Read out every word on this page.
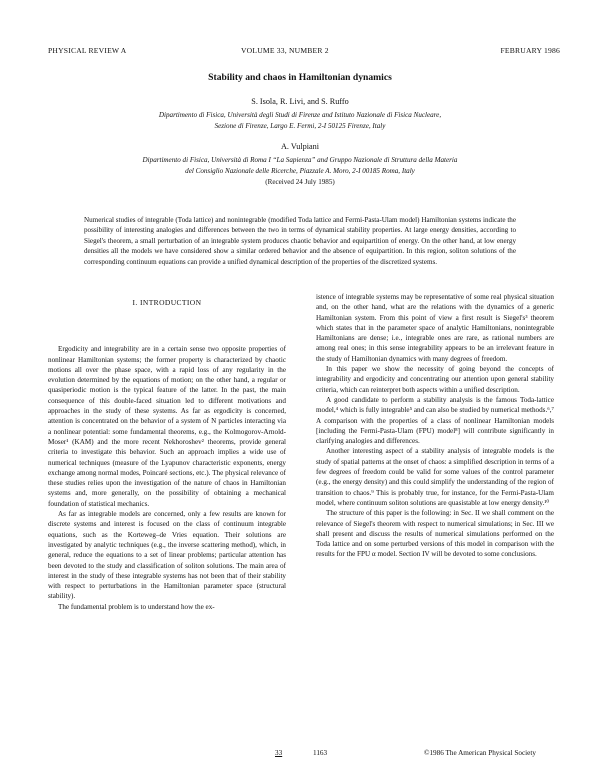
PHYSICAL REVIEW A	VOLUME 33, NUMBER 2	FEBRUARY 1986
Stability and chaos in Hamiltonian dynamics
S. Isola, R. Livi, and S. Ruffo
Dipartimento di Fisica, Università degli Studi di Firenze and Istituto Nazionale di Fisica Nucleare,
Sezione di Firenze, Largo E. Fermi, 2-I 50125 Firenze, Italy
A. Vulpiani
Dipartimento di Fisica, Università di Roma I “La Sapienza” and Gruppo Nazionale di Struttura della Materia
del Consiglio Nazionale delle Ricerche, Piazzale A. Moro, 2-I 00185 Roma, Italy
(Received 24 July 1985)
Numerical studies of integrable (Toda lattice) and nonintegrable (modified Toda lattice and Fermi-Pasta-Ulam model) Hamiltonian systems indicate the possibility of interesting analogies and differences between the two in terms of dynamical stability properties. At large energy densities, according to Siegel's theorem, a small perturbation of an integrable system produces chaotic behavior and equipartition of energy. On the other hand, at low energy densities all the models we have considered show a similar ordered behavior and the absence of equipartition. In this region, soliton solutions of the corresponding continuum equations can provide a unified dynamical description of the properties of the discretized systems.
I. INTRODUCTION

Ergodicity and integrability are in a certain sense two opposite properties of nonlinear Hamiltonian systems; the former property is characterized by chaotic motions all over the phase space, with a rapid loss of any regularity in the evolution determined by the equations of motion; on the other hand, a regular or quasiperiodic motion is the typical feature of the latter. In the past, the main consequence of this double-faced situation led to different motivations and approaches in the study of these systems. As far as ergodicity is concerned, attention is concentrated on the behavior of a system of N particles interacting via a nonlinear potential: some fundamental theorems, e.g., the Kolmogorov-Arnold-Moser¹ (KAM) and the more recent Nekhoroshev² theorems, provide general criteria to investigate this behavior. Such an approach implies a wide use of numerical techniques (measure of the Lyapunov characteristic exponents, energy exchange among normal modes, Poincaré sections, etc.). The physical relevance of these studies relies upon the investigation of the nature of chaos in Hamiltonian systems and, more generally, on the possibility of obtaining a mechanical foundation of statistical mechanics.

As far as integrable models are concerned, only a few results are known for discrete systems and interest is focused on the class of continuum integrable equations, such as the Korteweg–de Vries equation. Their solutions are investigated by analytic techniques (e.g., the inverse scattering method), which, in general, reduce the equations to a set of linear problems; particular attention has been devoted to the study and classification of soliton solutions. The main area of interest in the study of these integrable systems has not been that of their stability with respect to perturbations in the Hamiltonian parameter space (structural stability).

The fundamental problem is to understand how the ex-

istence of integrable systems may be representative of some real physical situation and, on the other hand, what are the relations with the dynamics of a generic Hamiltonian system. From this point of view a first result is Siegel's³ theorem which states that in the parameter space of analytic Hamiltonians, nonintegrable Hamiltonians are dense; i.e., integrable ones are rare, as rational numbers are among real ones; in this sense integrability appears to be an irrelevant feature in the study of Hamiltonian dynamics with many degrees of freedom.

In this paper we show the necessity of going beyond the concepts of integrability and ergodicity and concentrating our attention upon general stability criteria, which can reinterpret both aspects within a unified description.

A good candidate to perform a stability analysis is the famous Toda-lattice model,⁴ which is fully integrable⁵ and can also be studied by numerical methods.⁶,⁷ A comparison with the properties of a class of nonlinear Hamiltonian models [including the Fermi-Pasta-Ulam (FPU) model⁸] will contribute significantly in clarifying analogies and differences.

Another interesting aspect of a stability analysis of integrable models is the study of spatial patterns at the onset of chaos: a simplified description in terms of a few degrees of freedom could be valid for some values of the control parameter (e.g., the energy density) and this could simplify the understanding of the region of transition to chaos.⁹ This is probably true, for instance, for the Fermi-Pasta-Ulam model, where continuum soliton solutions are quasistable at low energy density.¹⁰

The structure of this paper is the following: in Sec. II we shall comment on the relevance of Siegel's theorem with respect to numerical simulations; in Sec. III we shall present and discuss the results of numerical simulations performed on the Toda lattice and on some perturbed versions of this model in comparison with the results for the FPU α model. Section IV will be devoted to some conclusions.

33	1163	©1986 The American Physical Society
